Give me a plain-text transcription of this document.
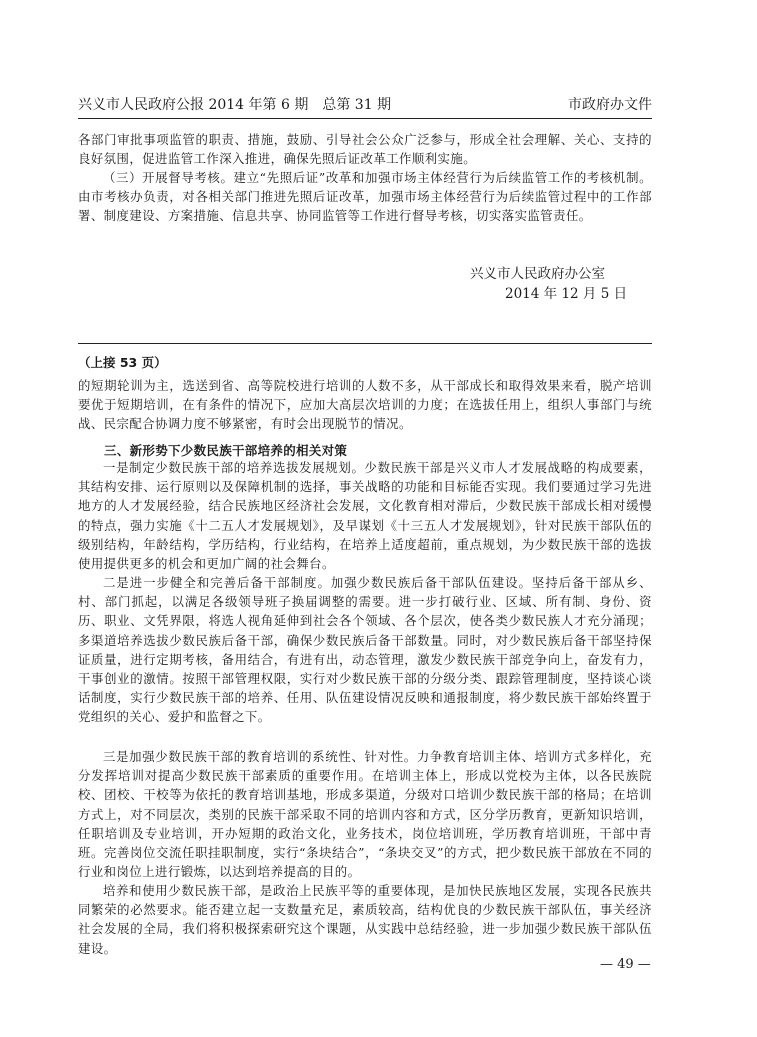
兴义市人民政府公报 2014 年第 6 期　总第 31 期	市政府办文件

各部门审批事项监管的职责、措施，鼓励、引导社会公众广泛参与，形成全社会理解、关心、支持的良好氛围，促进监管工作深入推进，确保先照后证改革工作顺利实施。

（三）开展督导考核。建立“先照后证”改革和加强市场主体经营行为后续监管工作的考核机制。由市考核办负责，对各相关部门推进先照后证改革，加强市场主体经营行为后续监管过程中的工作部署、制度建设、方案措施、信息共享、协同监管等工作进行督导考核，切实落实监管责任。

兴义市人民政府办公室
2014 年 12 月 5 日
（上接 53 页）

的短期轮训为主，选送到省、高等院校进行培训的人数不多，从干部成长和取得效果来看，脱产培训要优于短期培训，在有条件的情况下，应加大高层次培训的力度；在选拔任用上，组织人事部门与统战、民宗配合协调力度不够紧密，有时会出现脱节的情况。

三、新形势下少数民族干部培养的相关对策

一是制定少数民族干部的培养选拔发展规划。少数民族干部是兴义市人才发展战略的构成要素，其结构安排、运行原则以及保障机制的选择，事关战略的功能和目标能否实现。我们要通过学习先进地方的人才发展经验，结合民族地区经济社会发展，文化教育相对滞后，少数民族干部成长相对缓慢的特点，强力实施《十二五人才发展规划》，及早谋划《十三五人才发展规划》，针对民族干部队伍的级别结构，年龄结构，学历结构，行业结构，在培养上适度超前，重点规划，为少数民族干部的选拔使用提供更多的机会和更加广阔的社会舞台。

二是进一步健全和完善后备干部制度。加强少数民族后备干部队伍建设。坚持后备干部从乡、村、部门抓起，以满足各级领导班子换届调整的需要。进一步打破行业、区域、所有制、身份、资历、职业、文凭界限，将选人视角延伸到社会各个领域、各个层次，使各类少数民族人才充分涌现；多渠道培养选拔少数民族后备干部，确保少数民族后备干部数量。同时，对少数民族后备干部坚持保证质量，进行定期考核，备用结合，有进有出，动态管理，激发少数民族干部竞争向上，奋发有力，干事创业的激情。按照干部管理权限，实行对少数民族干部的分级分类、跟踪管理制度，坚持谈心谈话制度，实行少数民族干部的培养、任用、队伍建设情况反映和通报制度，将少数民族干部始终置于党组织的关心、爱护和监督之下。

三是加强少数民族干部的教育培训的系统性、针对性。力争教育培训主体、培训方式多样化，充分发挥培训对提高少数民族干部素质的重要作用。在培训主体上，形成以党校为主体，以各民族院校、团校、干校等为依托的教育培训基地，形成多渠道，分级对口培训少数民族干部的格局；在培训方式上，对不同层次，类别的民族干部采取不同的培训内容和方式，区分学历教育，更新知识培训，任职培训及专业培训，开办短期的政治文化，业务技术，岗位培训班，学历教育培训班，干部中青班。完善岗位交流任职挂职制度，实行“条块结合”，“条块交叉”的方式，把少数民族干部放在不同的行业和岗位上进行锻炼，以达到培养提高的目的。

培养和使用少数民族干部，是政治上民族平等的重要体现，是加快民族地区发展，实现各民族共同繁荣的必然要求。能否建立起一支数量充足，素质较高，结构优良的少数民族干部队伍，事关经济社会发展的全局，我们将积极探索研究这个课题，从实践中总结经验，进一步加强少数民族干部队伍建设。

— 49 —
